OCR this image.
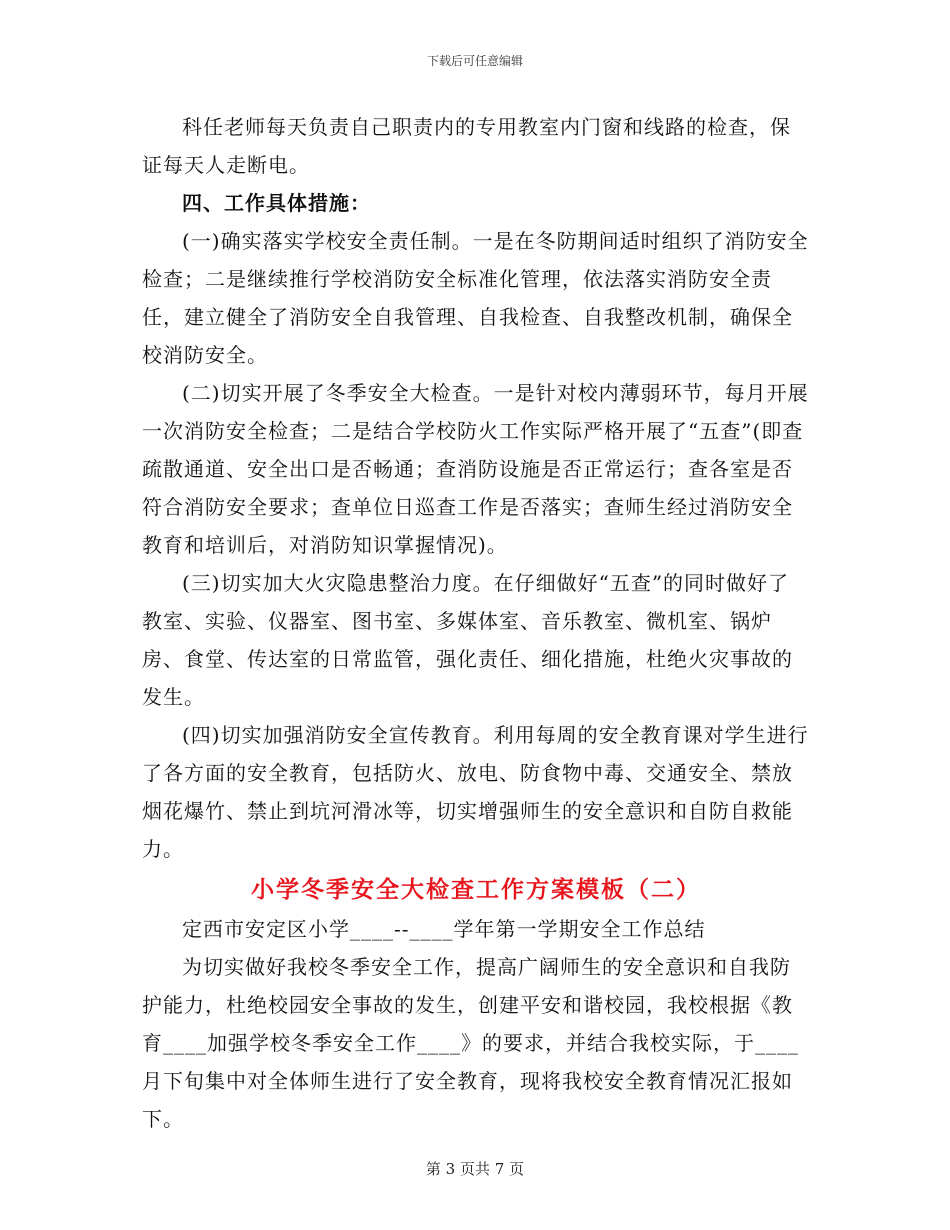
下载后可任意编辑

科任老师每天负责自己职责内的专用教室内门窗和线路的检查，保证每天人走断电。

四、工作具体措施：

(一)确实落实学校安全责任制。一是在冬防期间适时组织了消防安全检查；二是继续推行学校消防安全标准化管理，依法落实消防安全责任，建立健全了消防安全自我管理、自我检查、自我整改机制，确保全校消防安全。

(二)切实开展了冬季安全大检查。一是针对校内薄弱环节，每月开展一次消防安全检查；二是结合学校防火工作实际严格开展了“五查”(即查疏散通道、安全出口是否畅通；查消防设施是否正常运行；查各室是否符合消防安全要求；查单位日巡查工作是否落实；查师生经过消防安全教育和培训后，对消防知识掌握情况)。

(三)切实加大火灾隐患整治力度。在仔细做好“五查”的同时做好了教室、实验、仪器室、图书室、多媒体室、音乐教室、微机室、锅炉房、食堂、传达室的日常监管，强化责任、细化措施，杜绝火灾事故的发生。

(四)切实加强消防安全宣传教育。利用每周的安全教育课对学生进行了各方面的安全教育，包括防火、放电、防食物中毒、交通安全、禁放烟花爆竹、禁止到坑河滑冰等，切实增强师生的安全意识和自防自救能力。

小学冬季安全大检查工作方案模板（二）

定西市安定区小学____--____学年第一学期安全工作总结

为切实做好我校冬季安全工作，提高广阔师生的安全意识和自我防护能力，杜绝校园安全事故的发生，创建平安和谐校园，我校根据《教育____加强学校冬季安全工作____》的要求，并结合我校实际，于____月下旬集中对全体师生进行了安全教育，现将我校安全教育情况汇报如下。

第 3 页共 7 页
